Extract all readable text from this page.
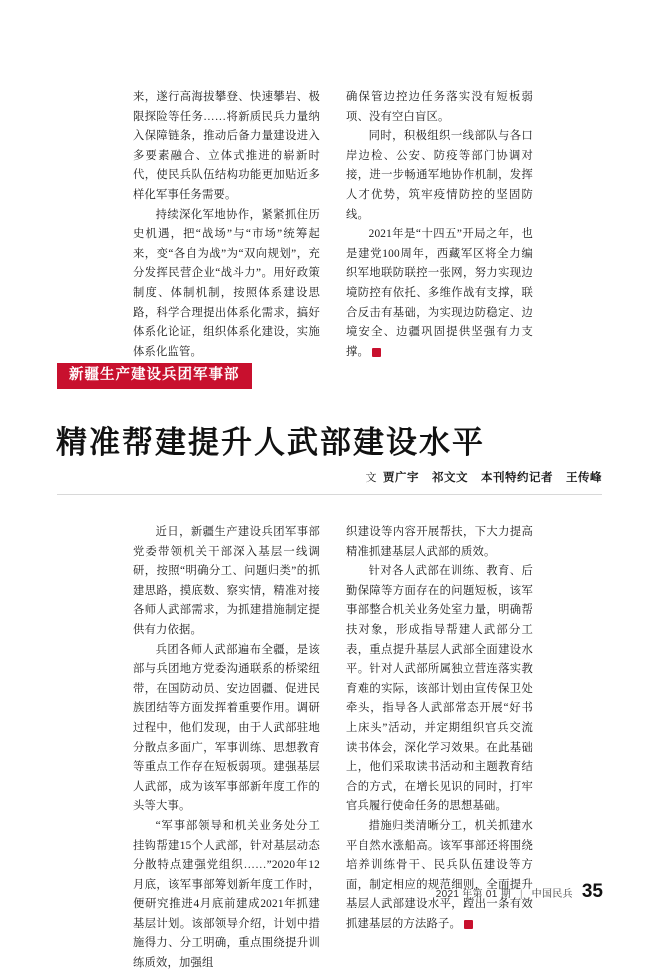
来，遂行高海拔攀登、快速攀岩、极限探险等任务……将新质民兵力量纳入保障链条，推动后备力量建设进入多要素融合、立体式推进的崭新时代，使民兵队伍结构功能更加贴近多样化军事任务需要。

持续深化军地协作，紧紧抓住历史机遇，把“战场”与“市场”统筹起来，变“各自为战”为“双向规划”，充分发挥民营企业“战斗力”。用好政策制度、体制机制，按照体系建设思路，科学合理提出体系化需求，搞好体系化论证，组织体系化建设，实施体系化监管。

确保管边控边任务落实没有短板弱项、没有空白盲区。

同时，积极组织一线部队与各口岸边检、公安、防疫等部门协调对接，进一步畅通军地协作机制，发挥人才优势，筑牢疫情防控的坚固防线。

2021年是“十四五”开局之年，也是建党100周年，西藏军区将全力编织军地联防联控一张网，努力实现边境防控有依托、多维作战有支撑，联合反击有基础，为实现边防稳定、边境安全、边疆巩固提供坚强有力支撑。	★

新疆生产建设兵团军事部
精准帮建提升人武部建设水平
文 贾广宇 祁文文 本刊特约记者 王传峰

近日，新疆生产建设兵团军事部党委带领机关干部深入基层一线调研，按照“明确分工、问题归类”的抓建思路，摸底数、察实情，精准对接各师人武部需求，为抓建措施制定提供有力依据。

兵团各师人武部遍布全疆，是该部与兵团地方党委沟通联系的桥梁纽带，在国防动员、安边固疆、促进民族团结等方面发挥着重要作用。调研过程中，他们发现，由于人武部驻地分散点多面广，军事训练、思想教育等重点工作存在短板弱项。建强基层人武部，成为该军事部新年度工作的头等大事。

“军事部领导和机关业务处分工挂钩帮建15个人武部，针对基层动态分散特点建强党组织……”2020年12月底，该军事部筹划新年度工作时，便研究推进4月底前建成2021年抓建基层计划。该部领导介绍，计划中措施得力、分工明确，重点围绕提升训练质效，加强组

织建设等内容开展帮扶，下大力提高精准抓建基层人武部的质效。

针对各人武部在训练、教育、后勤保障等方面存在的问题短板，该军事部整合机关业务处室力量，明确帮扶对象，形成指导帮建人武部分工表，重点提升基层人武部全面建设水平。针对人武部所属独立营连落实教育难的实际，该部计划由宣传保卫处牵头，指导各人武部常态开展“好书上床头”活动，并定期组织官兵交流读书体会，深化学习效果。在此基础上，他们采取读书活动和主题教育结合的方式，在增长见识的同时，打牢官兵履行使命任务的思想基础。

措施归类清晰分工，机关抓建水平自然水涨船高。该军事部还将围绕培养训练骨干、民兵队伍建设等方面，制定相应的规范细则，全面提升基层人武部建设水平，蹚出一条有效抓建基层的方法路子。	★

2021 年第 01 期 | 中国民兵 35
